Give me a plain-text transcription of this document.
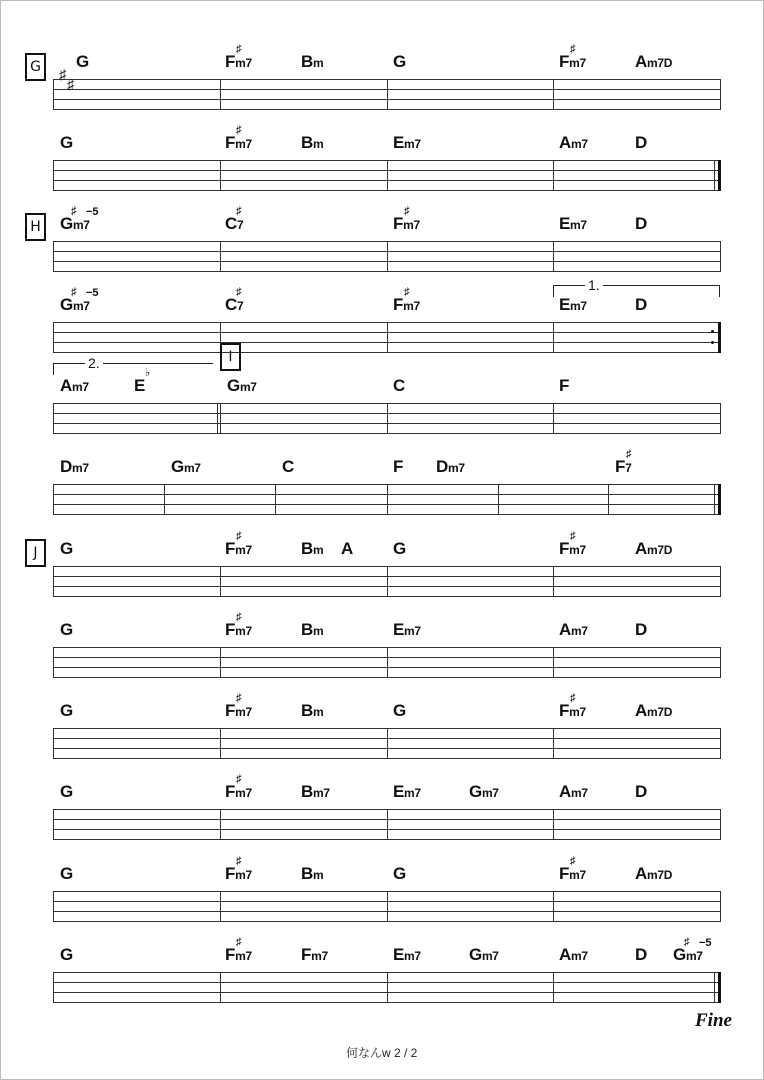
G	♯
♯
G	Fm7
♯
Bm	G	Fm7
♯
Am7D
G	Fm7
♯
Bm	Em7	Am7	D
H	Gm7
♯ −5
C7
♯
Fm7
♯
Em7	D
1.
Gm7
♯ −5
C7
♯
Fm7
♯
Em7	D
I
2.
Am7	E
♭
Gm7	C	F
Dm7	Gm7	C	F Dm7	F7
♯
J	G	Fm7
♯
Bm A G	Fm7
♯
Am7D
G	Fm7
♯
Bm	Em7	Am7	D
G	Fm7
♯
Bm	G	Fm7
♯
Am7D
G	Fm7
♯
Bm7	Em7	Gm7	Am7	D
G	Fm7
♯
Bm	G	Fm7
♯
Am7D
G	Fm7
♯
Fm7	Em7	Gm7	Am7	D Gm7
♯ −5
Fine
何なんw 2 / 2
